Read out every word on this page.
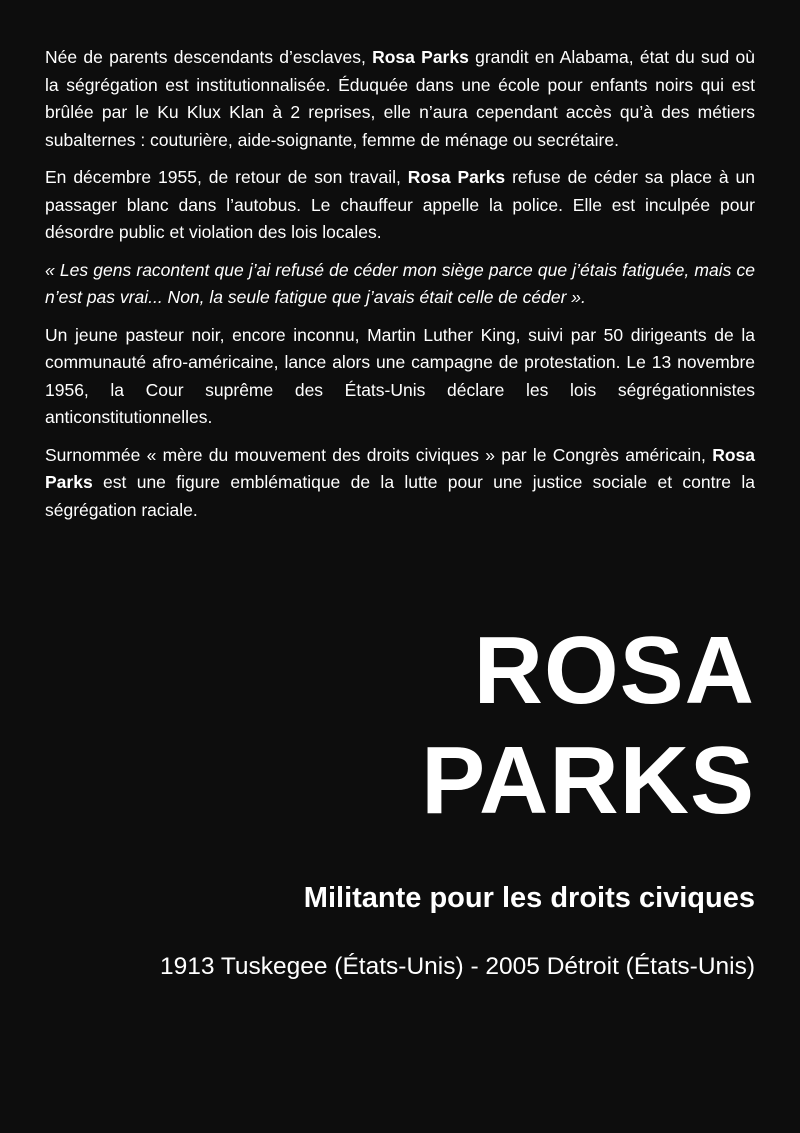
Née de parents descendants d’esclaves, Rosa Parks grandit en Alabama, état du sud où la ségrégation est institutionnalisée. Éduquée dans une école pour enfants noirs qui est brûlée par le Ku Klux Klan à 2 reprises, elle n’aura cependant accès qu’à des métiers subalternes : couturière, aide-soignante, femme de ménage ou secrétaire.

En décembre 1955, de retour de son travail, Rosa Parks refuse de céder sa place à un passager blanc dans l’autobus. Le chauffeur appelle la police. Elle est inculpée pour désordre public et violation des lois locales.

« Les gens racontent que j’ai refusé de céder mon siège parce que j’étais fatiguée, mais ce n’est pas vrai... Non, la seule fatigue que j’avais était celle de céder ».

Un jeune pasteur noir, encore inconnu, Martin Luther King, suivi par 50 dirigeants de la communauté afro-américaine, lance alors une campagne de protestation. Le 13 novembre 1956, la Cour suprême des États-Unis déclare les lois ségrégationnistes anticonstitutionnelles.

Surnommée « mère du mouvement des droits civiques » par le Congrès américain, Rosa Parks est une figure emblématique de la lutte pour une justice sociale et contre la ségrégation raciale.

ROSA
PARKS
Militante pour les droits civiques
1913 Tuskegee (États-Unis) - 2005 Détroit (États-Unis)
